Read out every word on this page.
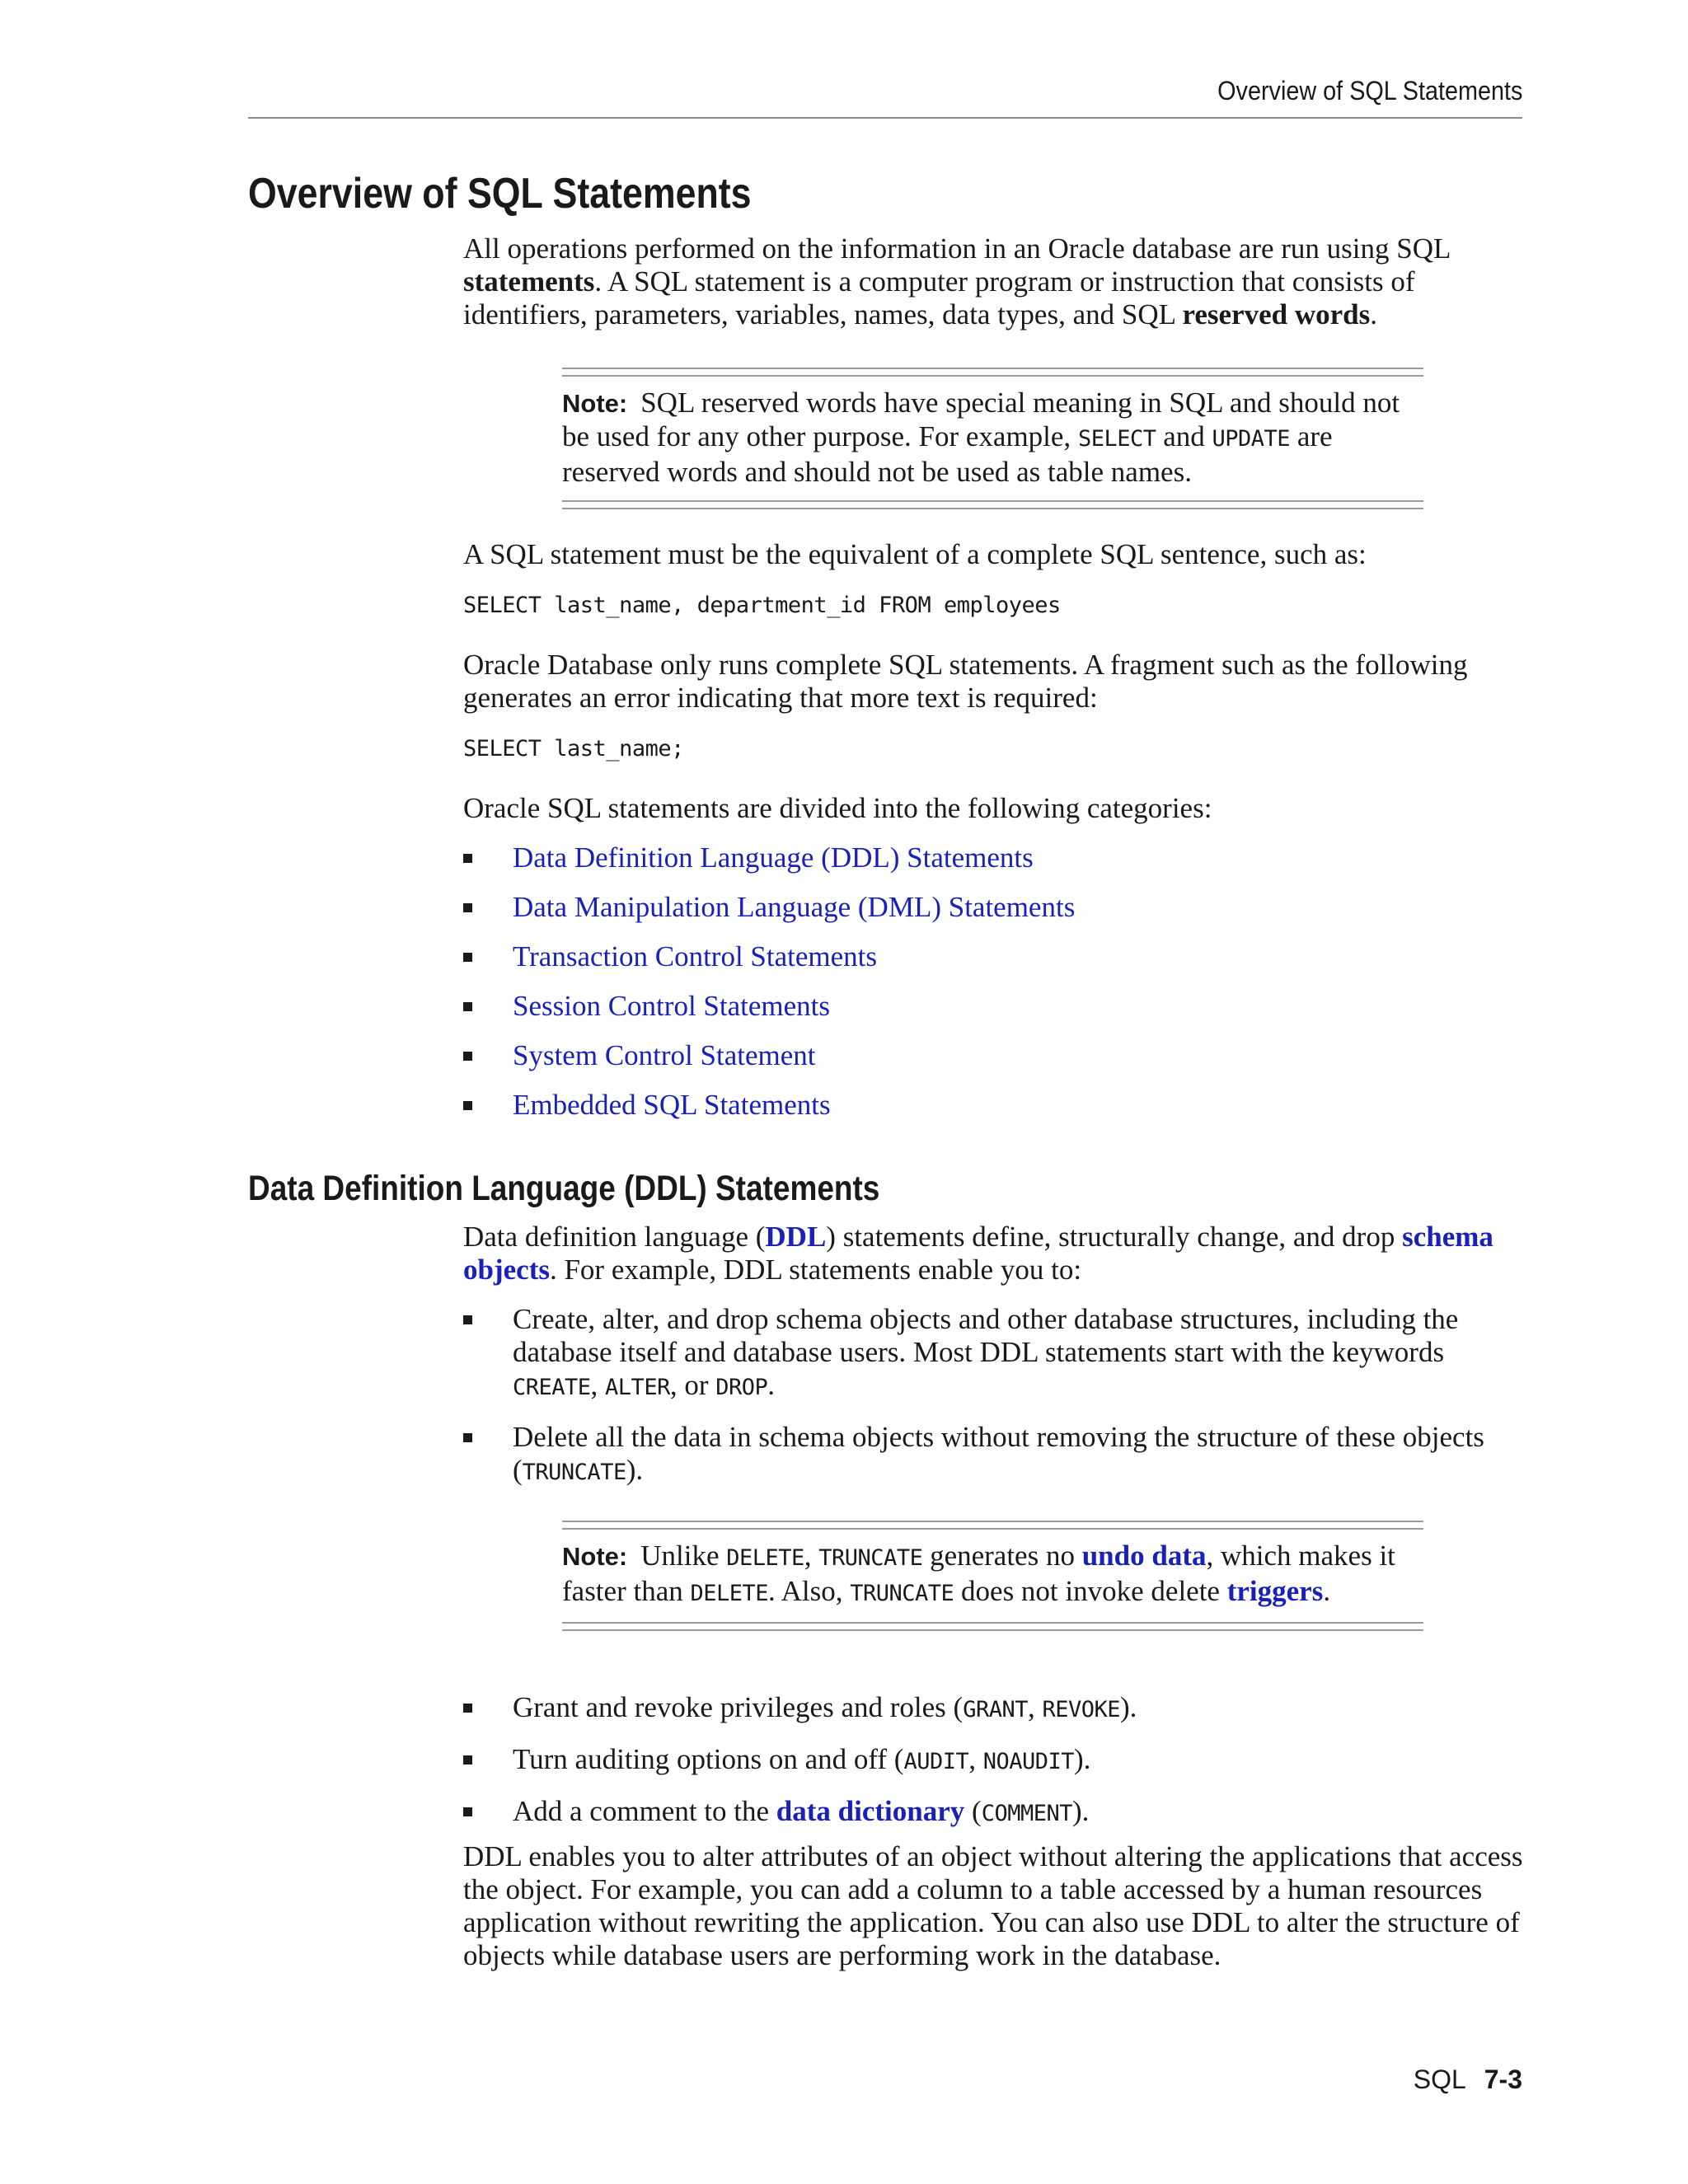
Overview of SQL Statements
Overview of SQL Statements

All operations performed on the information in an Oracle database are run using SQL statements. A SQL statement is a computer program or instruction that consists of identifiers, parameters, variables, names, data types, and SQL reserved words.

Note: SQL reserved words have special meaning in SQL and should not be used for any other purpose. For example, SELECT and UPDATE are reserved words and should not be used as table names.

A SQL statement must be the equivalent of a complete SQL sentence, such as:

SELECT last_name, department_id FROM employees

Oracle Database only runs complete SQL statements. A fragment such as the following generates an error indicating that more text is required:

SELECT last_name;

Oracle SQL statements are divided into the following categories:

Data Definition Language (DDL) Statements
Data Manipulation Language (DML) Statements
Transaction Control Statements
Session Control Statements
System Control Statement
Embedded SQL Statements
Data Definition Language (DDL) Statements

Data definition language (DDL) statements define, structurally change, and drop schema objects. For example, DDL statements enable you to:

Create, alter, and drop schema objects and other database structures, including the database itself and database users. Most DDL statements start with the keywords CREATE, ALTER, or DROP.
Delete all the data in schema objects without removing the structure of these objects (TRUNCATE).
Note: Unlike DELETE, TRUNCATE generates no undo data, which makes it faster than DELETE. Also, TRUNCATE does not invoke delete triggers.
Grant and revoke privileges and roles (GRANT, REVOKE).
Turn auditing options on and off (AUDIT, NOAUDIT).
Add a comment to the data dictionary (COMMENT).

DDL enables you to alter attributes of an object without altering the applications that access the object. For example, you can add a column to a table accessed by a human resources application without rewriting the application. You can also use DDL to alter the structure of objects while database users are performing work in the database.

SQL 7-3
